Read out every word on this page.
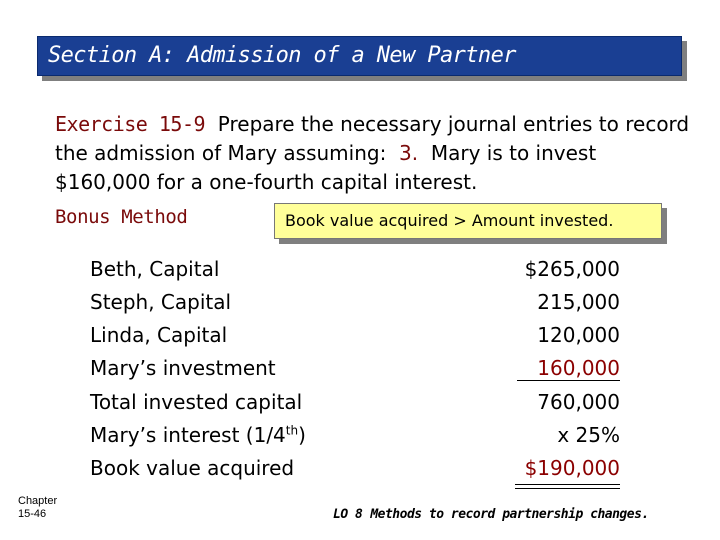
Section A: Admission of a New Partner
Exercise 15-9 Prepare the necessary journal entries to record the admission of Mary assuming: 3. Mary is to invest $160,000 for a one-fourth capital interest.
Bonus Method	Book value acquired > Amount invested.
Beth, Capital	$265,000
Steph, Capital	215,000
Linda, Capital	120,000
Mary’s investment	160,000
Total invested capital	760,000
Mary’s interest (1/4th)	x 25%
Book value acquired	$190,000
Chapter
15-46	LO 8 Methods to record partnership changes.
